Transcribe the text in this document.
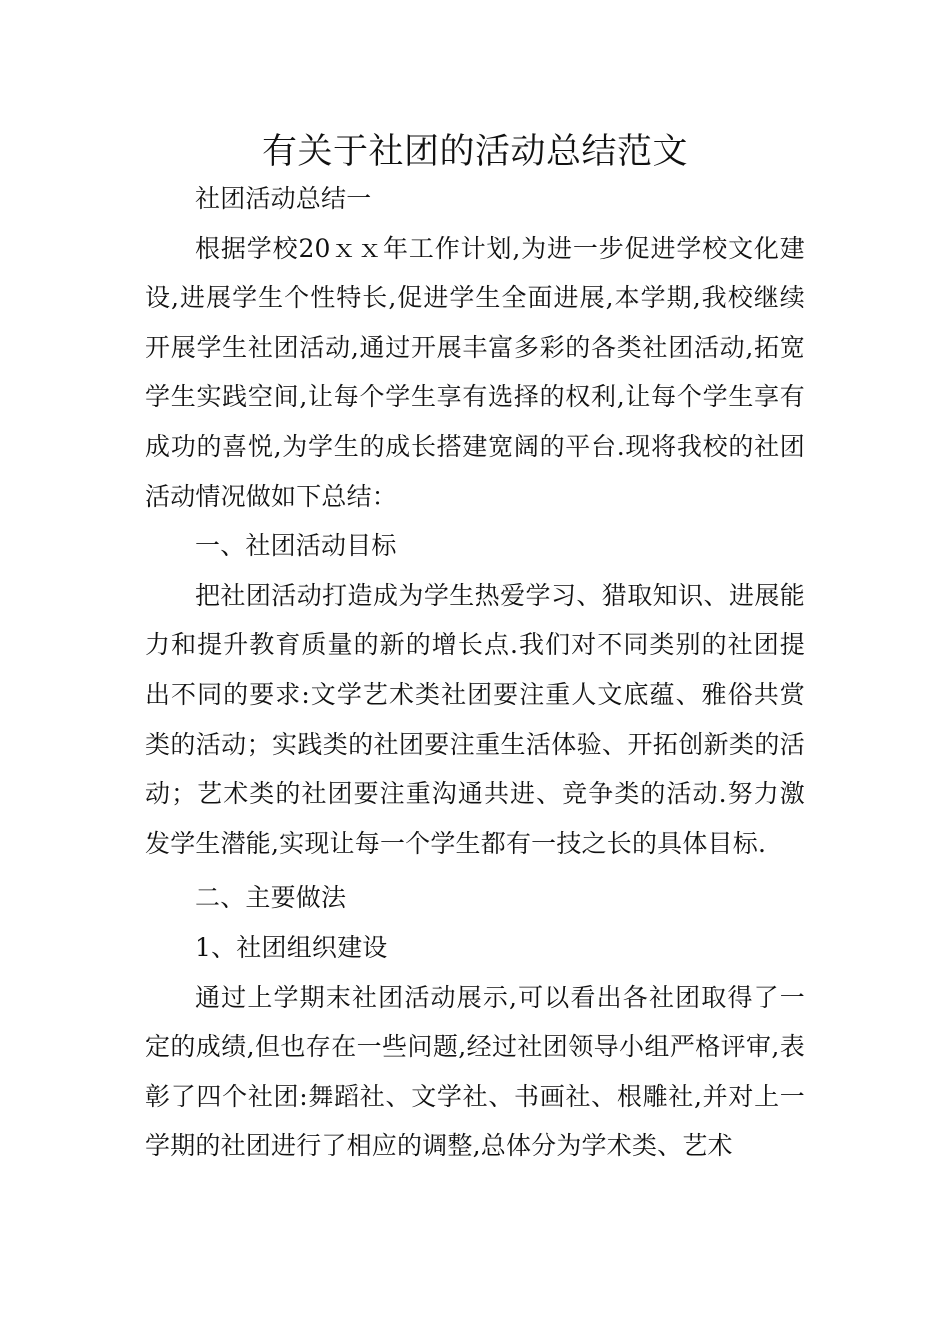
有关于社团的活动总结范文

社团活动总结一

根据学校20ｘｘ年工作计划,为进一步促进学校文化建设,进展学生个性特长,促进学生全面进展,本学期,我校继续开展学生社团活动,通过开展丰富多彩的各类社团活动,拓宽学生实践空间,让每个学生享有选择的权利,让每个学生享有成功的喜悦,为学生的成长搭建宽阔的平台.现将我校的社团活动情况做如下总结：

一、社团活动目标

把社团活动打造成为学生热爱学习、猎取知识、进展能力和提升教育质量的新的增长点.我们对不同类别的社团提出不同的要求:文学艺术类社团要注重人文底蕴、雅俗共赏类的活动；实践类的社团要注重生活体验、开拓创新类的活动；艺术类的社团要注重沟通共进、竞争类的活动.努力激发学生潜能,实现让每一个学生都有一技之长的具体目标.

二、主要做法

1、社团组织建设

通过上学期末社团活动展示,可以看出各社团取得了一定的成绩,但也存在一些问题,经过社团领导小组严格评审,表彰了四个社团:舞蹈社、文学社、书画社、根雕社,并对上一学期的社团进行了相应的调整,总体分为学术类、艺术
